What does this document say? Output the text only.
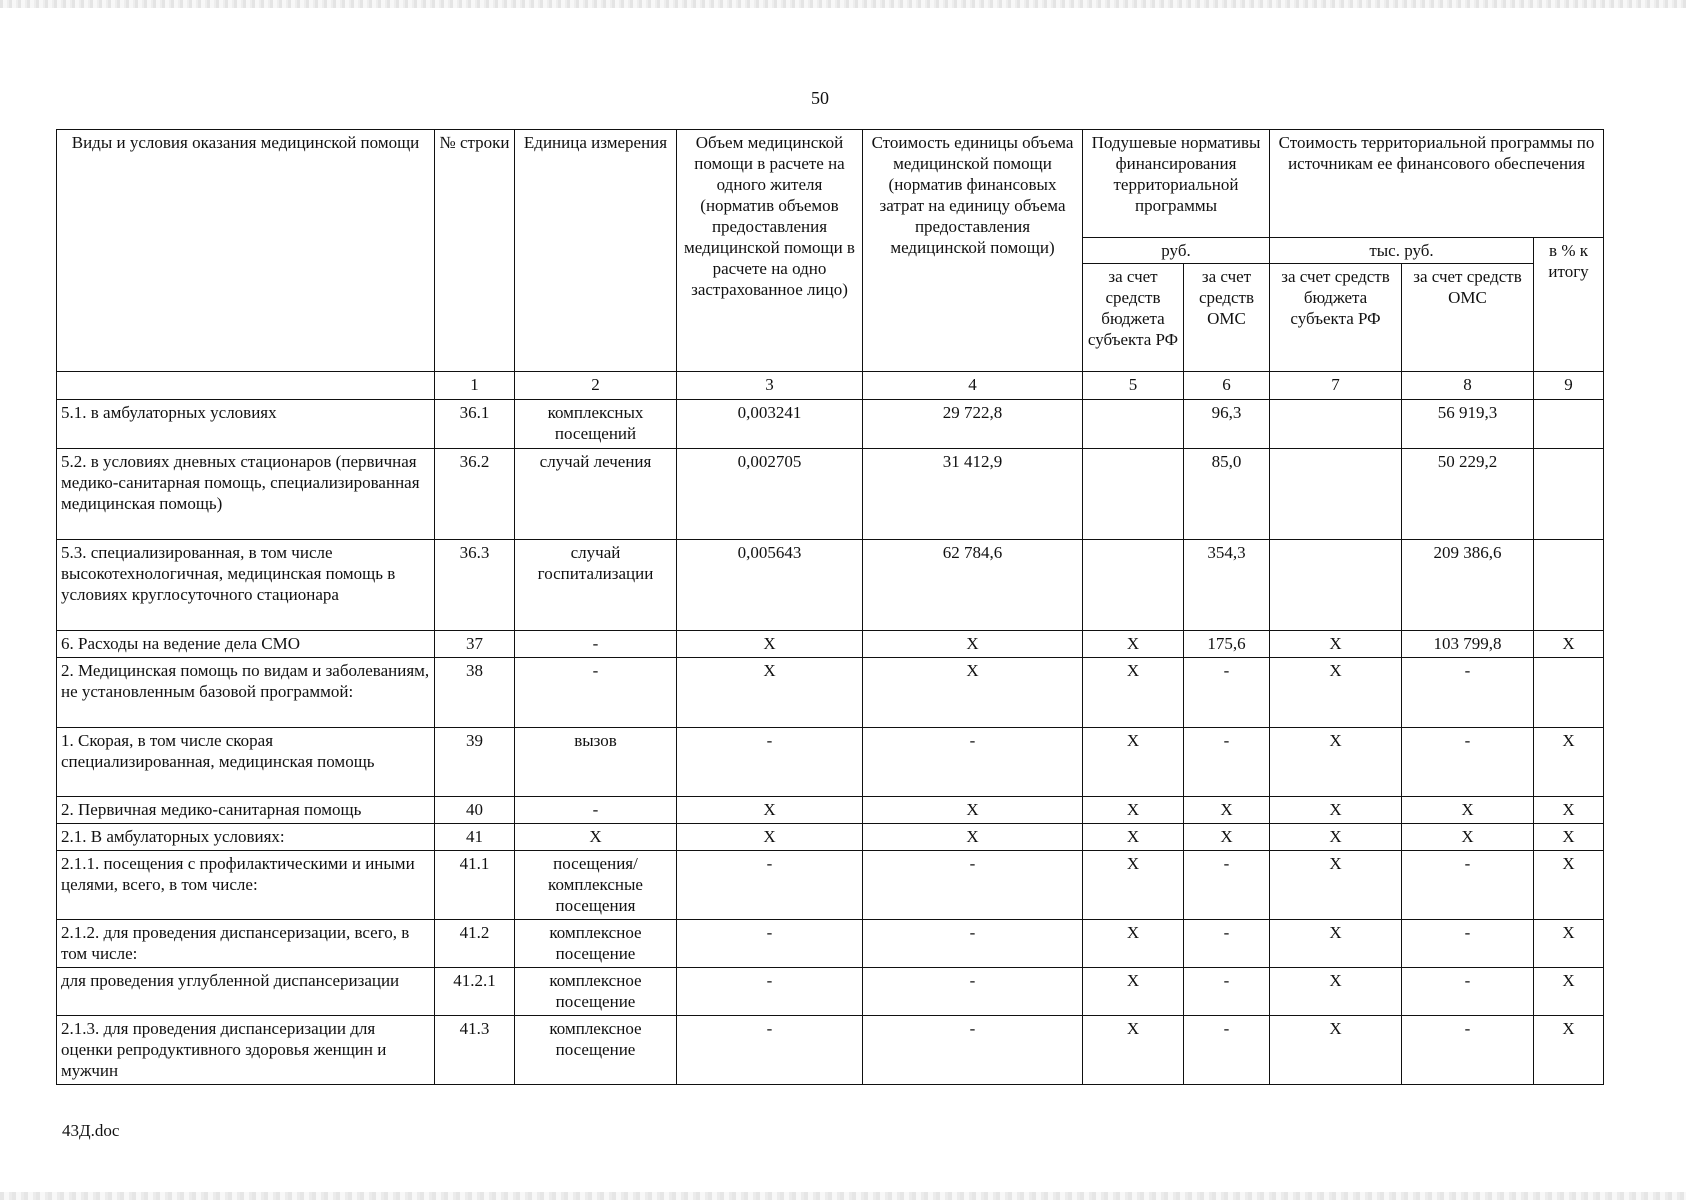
50
Виды и условия оказания медицинской помощи	№ строки	Единица измерения	Объем медицинской помощи в расчете на одного жителя (норматив объемов предоставления медицинской помощи в расчете на одно застрахованное лицо)	Стоимость единицы объема медицинской помощи (норматив финансовых затрат на единицу объема предоставления медицинской помощи)	Подушевые нормативы финансирования территориальной программы		Стоимость территориальной программы по источникам ее финансового обеспечения		
					руб.		тыс. руб.		в % к итогу
					за счет средств бюджета субъекта РФ	за счет средств ОМС	за счет средств бюджета субъекта РФ	за счет средств ОМС	
	1	2	3	4	5	6	7	8	9
5.1. в амбулаторных условиях	36.1	комплексных посещений	0,003241	29 722,8		96,3		56 919,3	
5.2. в условиях дневных стационаров (первичная медико-санитарная помощь, специализированная медицинская помощь)	36.2	случай лечения	0,002705	31 412,9		85,0		50 229,2	
5.3. специализированная, в том числе высокотехнологичная, медицинская помощь в условиях круглосуточного стационара	36.3	случай госпитализации	0,005643	62 784,6		354,3		209 386,6	
6. Расходы на ведение дела СМО	37	-	X	X	X	175,6	X	103 799,8	X
2. Медицинская помощь по видам и заболеваниям, не установленным базовой программой:	38	-	X	X	X	-	X	-	
1. Скорая, в том числе скорая специализированная, медицинская помощь	39	вызов	-	-	X	-	X	-	X
2. Первичная медико-санитарная помощь	40	-	X	X	X	X	X	X	X
2.1. В амбулаторных условиях:	41	X	X	X	X	X	X	X	X
2.1.1. посещения с профилактическими и иными целями, всего, в том числе:	41.1	посещения/ комплексные посещения	-	-	X	-	X	-	X
2.1.2. для проведения диспансеризации, всего, в том числе:	41.2	комплексное посещение	-	-	X	-	X	-	X
для проведения углубленной диспансеризации	41.2.1	комплексное посещение	-	-	X	-	X	-	X
2.1.3. для проведения диспансеризации для оценки репродуктивного здоровья женщин и мужчин	41.3	комплексное посещение	-	-	X	-	X	-	X
43Д.doc
